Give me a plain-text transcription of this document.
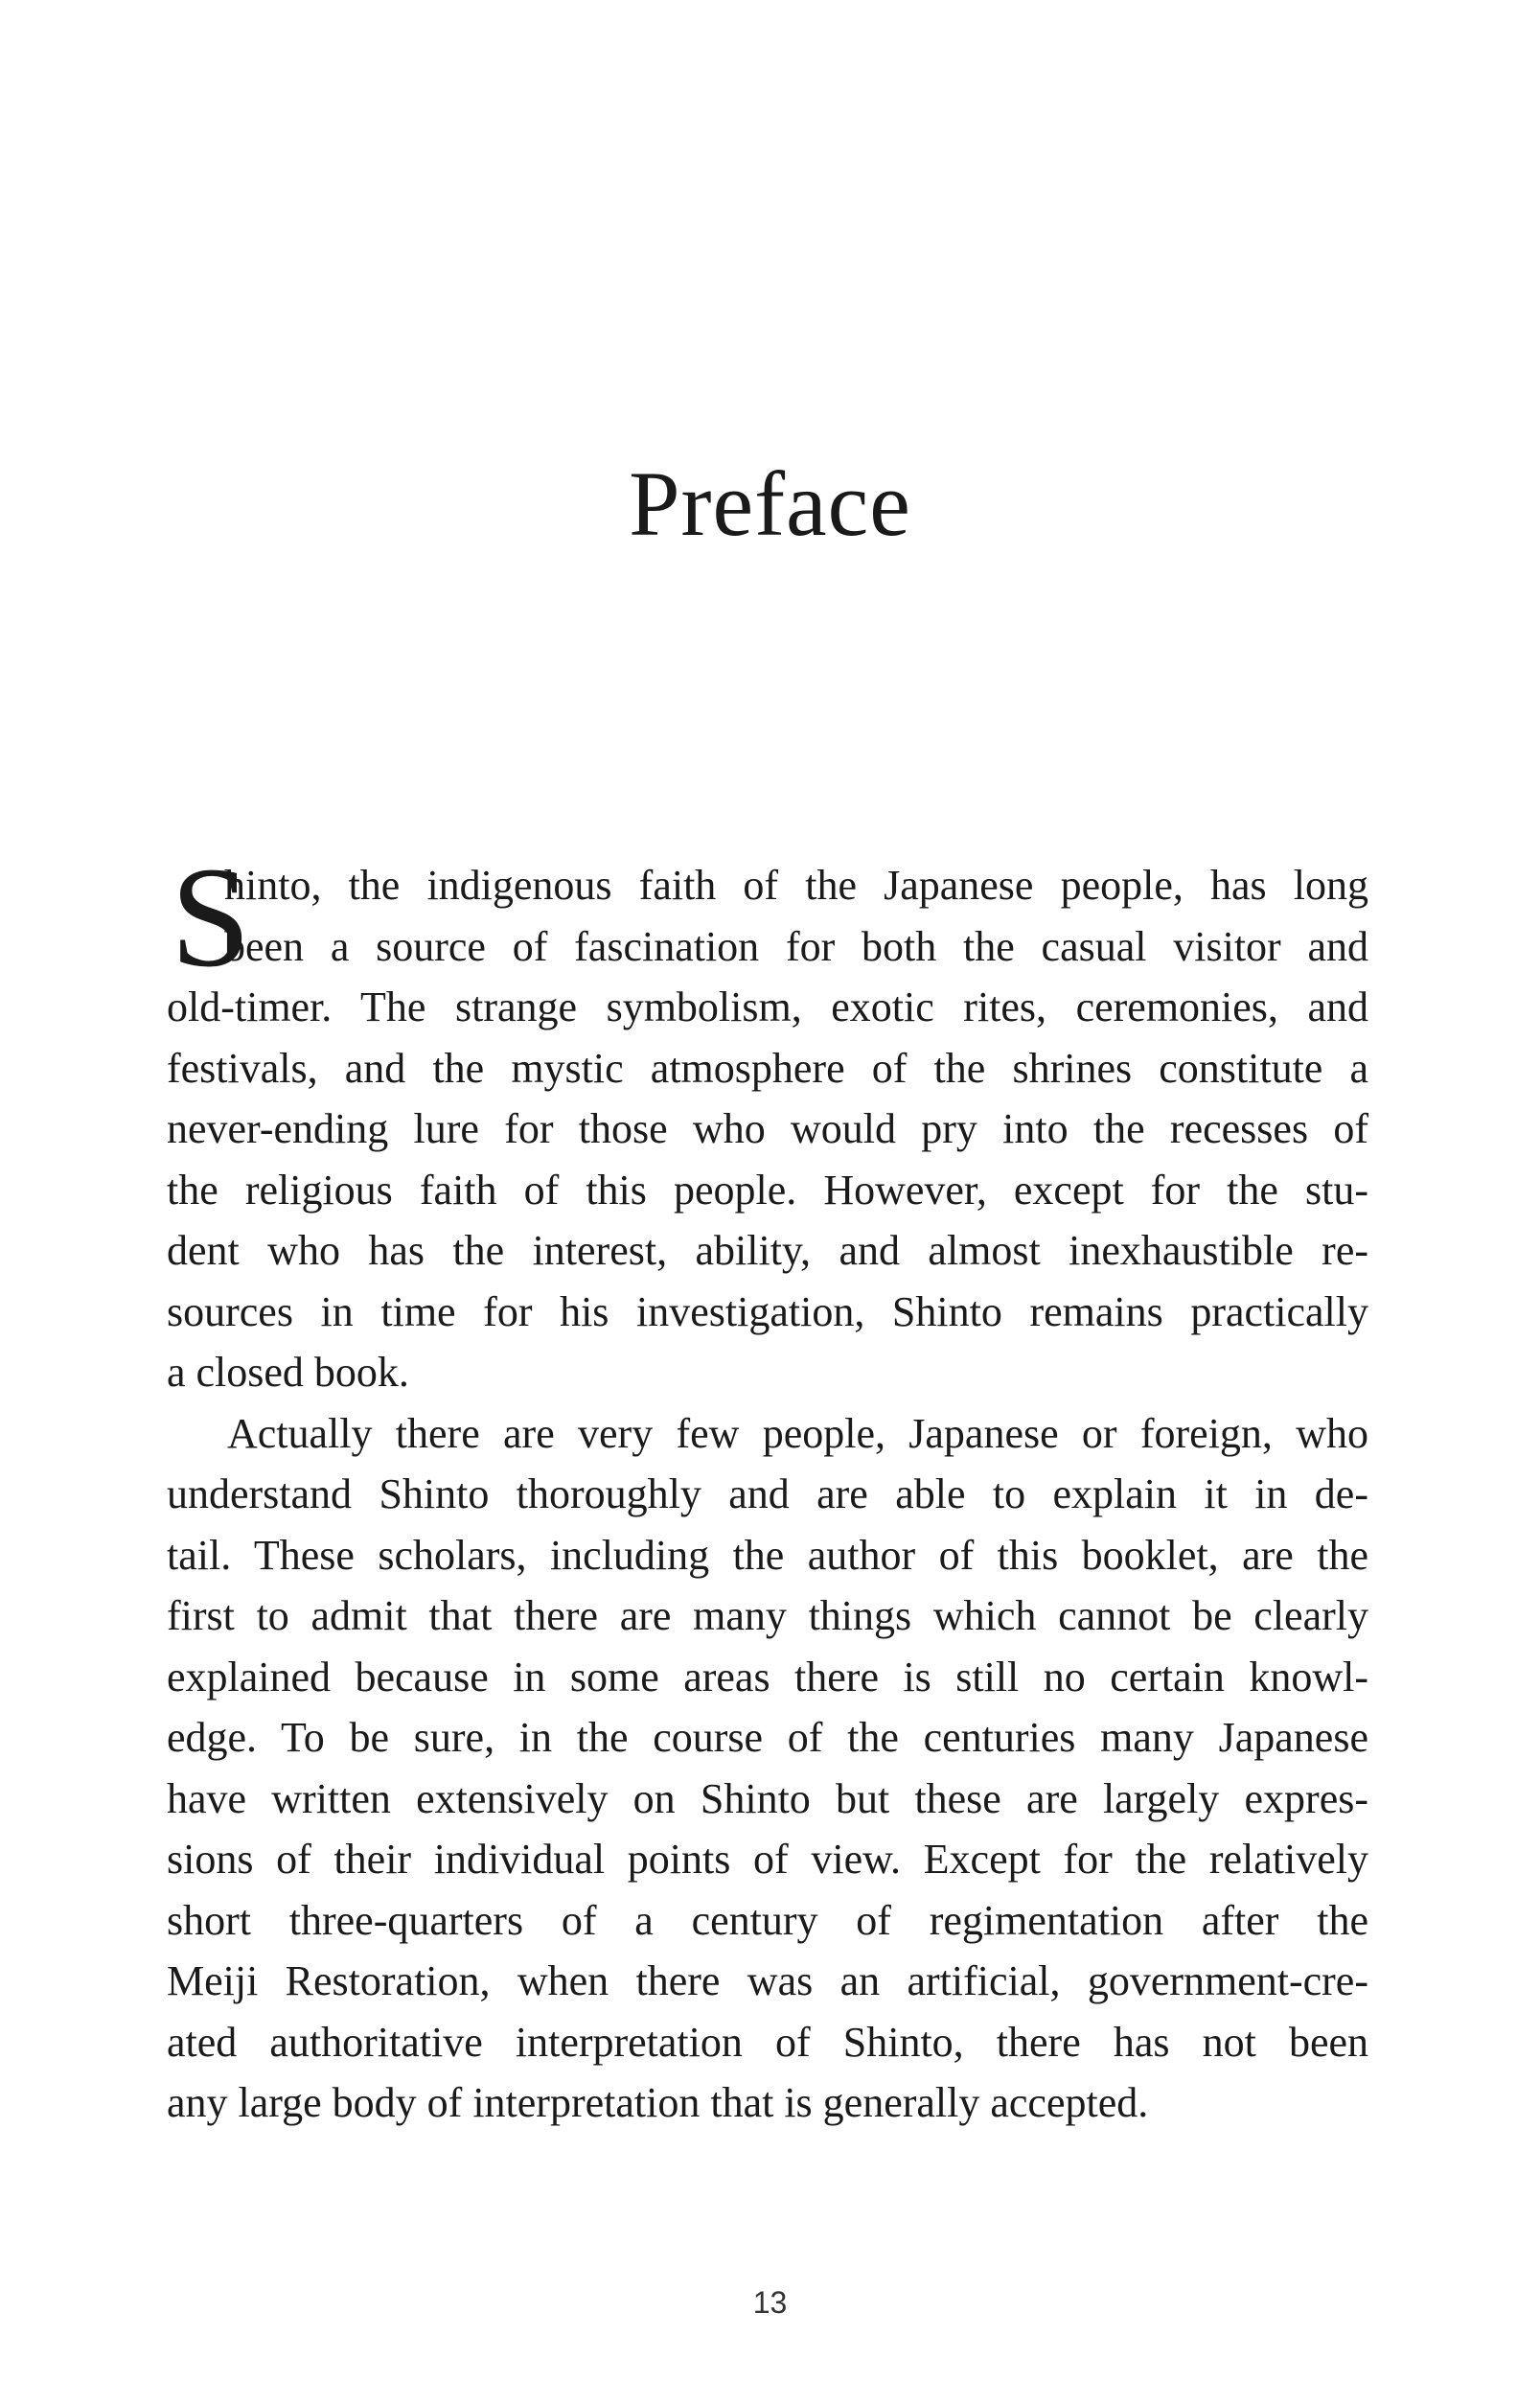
Preface
S
hinto, the indigenous faith of the Japanese people, has long
been a source of fascination for both the casual visitor and
old-timer. The strange symbolism, exotic rites, ceremonies, and
festivals, and the mystic atmosphere of the shrines constitute a
never-ending lure for those who would pry into the recesses of
the religious faith of this people. However, except for the stu-
dent who has the interest, ability, and almost inexhaustible re-
sources in time for his investigation, Shinto remains practically
a closed book.
Actually there are very few people, Japanese or foreign, who
understand Shinto thoroughly and are able to explain it in de-
tail. These scholars, including the author of this booklet, are the
first to admit that there are many things which cannot be clearly
explained because in some areas there is still no certain knowl-
edge. To be sure, in the course of the centuries many Japanese
have written extensively on Shinto but these are largely expres-
sions of their individual points of view. Except for the relatively
short three-quarters of a century of regimentation after the
Meiji Restoration, when there was an artificial, government-cre-
ated authoritative interpretation of Shinto, there has not been
any large body of interpretation that is generally accepted.
13
